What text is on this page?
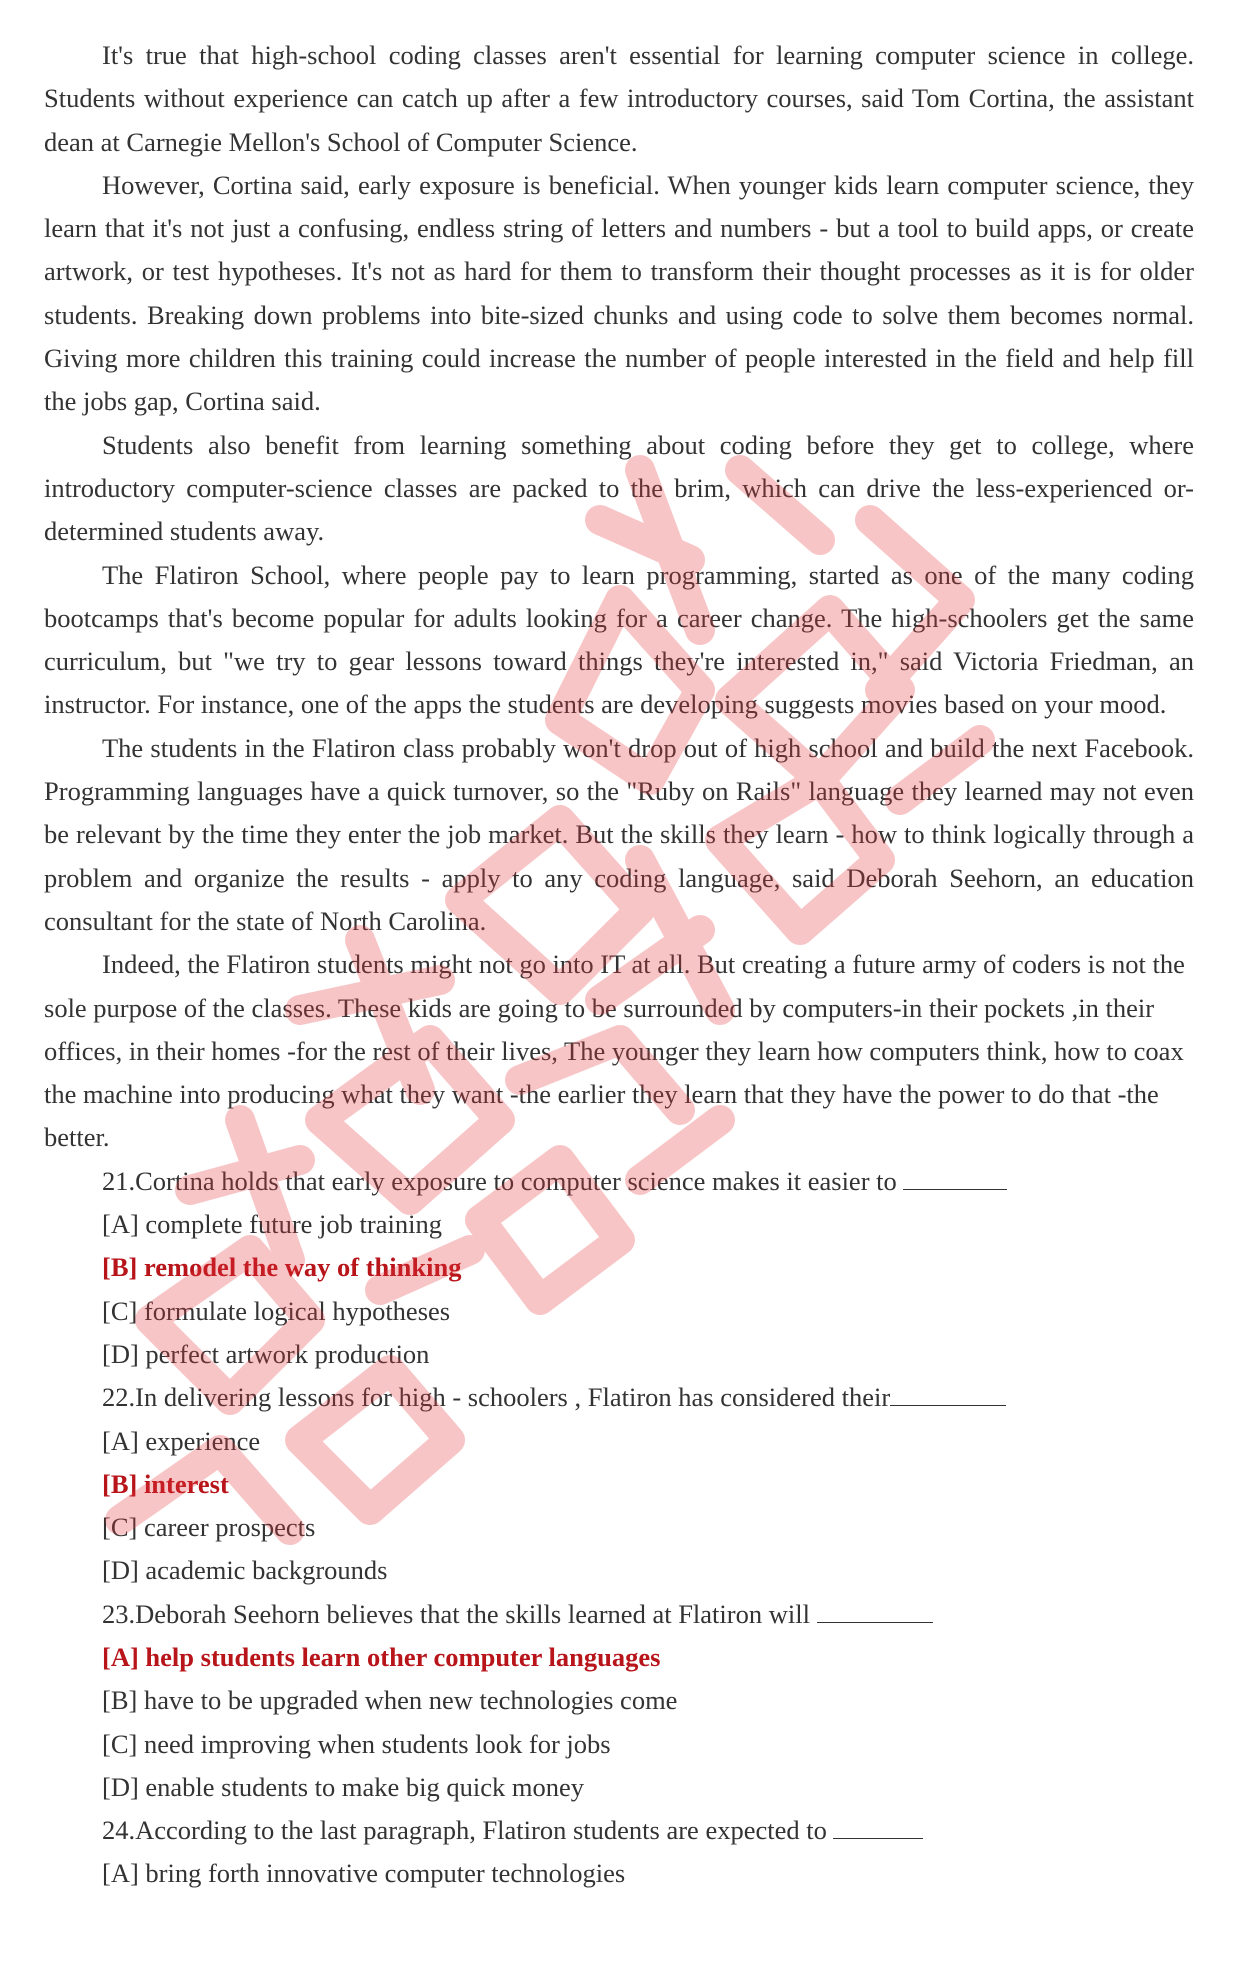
It's true that high-school coding classes aren't essential for learning computer science in college. Students without experience can catch up after a few introductory courses, said Tom Cortina, the assistant dean at Carnegie Mellon's School of Computer Science.

However, Cortina said, early exposure is beneficial. When younger kids learn computer science, they learn that it's not just a confusing, endless string of letters and numbers - but a tool to build apps, or create artwork, or test hypotheses. It's not as hard for them to transform their thought processes as it is for older students. Breaking down problems into bite-sized chunks and using code to solve them becomes normal. Giving more children this training could increase the number of people interested in the field and help fill the jobs gap, Cortina said.

Students also benefit from learning something about coding before they get to college, where introductory computer-science classes are packed to the brim, which can drive the less-experienced or-determined students away.

The Flatiron School, where people pay to learn programming, started as one of the many coding bootcamps that's become popular for adults looking for a career change. The high-schoolers get the same curriculum, but "we try to gear lessons toward things they're interested in," said Victoria Friedman, an instructor. For instance, one of the apps the students are developing suggests movies based on your mood.

The students in the Flatiron class probably won't drop out of high school and build the next Facebook. Programming languages have a quick turnover, so the "Ruby on Rails" language they learned may not even be relevant by the time they enter the job market. But the skills they learn - how to think logically through a problem and organize the results - apply to any coding language, said Deborah Seehorn, an education consultant for the state of North Carolina.

Indeed, the Flatiron students might not go into IT at all. But creating a future army of coders is not the sole purpose of the classes. These kids are going to be surrounded by computers-in their pockets ,in their offices, in their homes -for the rest of their lives, The younger they learn how computers think, how to coax the machine into producing what they want -the earlier they learn that they have the power to do that -the better.

21.Cortina holds that early exposure to computer science makes it easier to

[A] complete future job training

[B] remodel the way of thinking

[C] formulate logical hypotheses

[D] perfect artwork production

22.In delivering lessons for high - schoolers , Flatiron has considered their

[A] experience

[B] interest

[C] career prospects

[D] academic backgrounds

23.Deborah Seehorn believes that the skills learned at Flatiron will

[A] help students learn other computer languages

[B] have to be upgraded when new technologies come

[C] need improving when students look for jobs

[D] enable students to make big quick money

24.According to the last paragraph, Flatiron students are expected to

[A] bring forth innovative computer technologies
